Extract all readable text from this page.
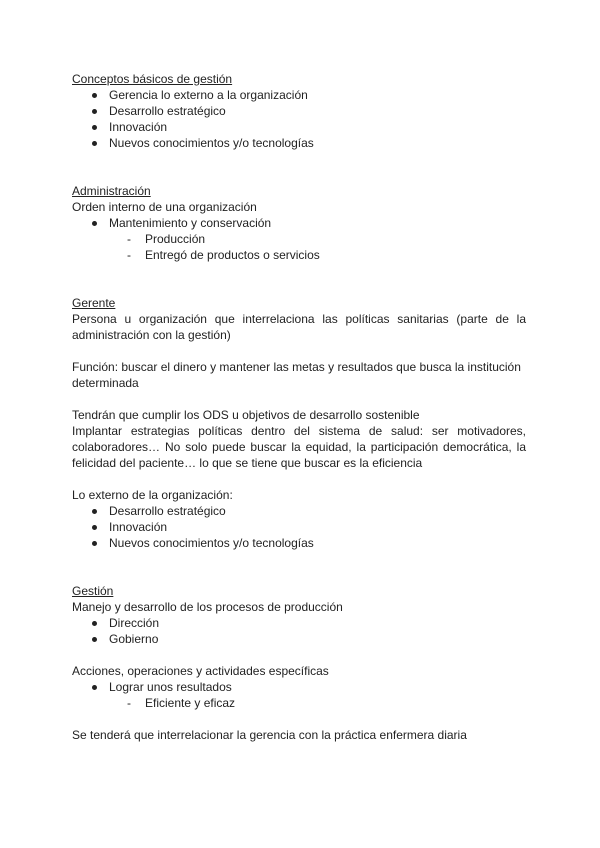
Conceptos básicos de gestión
Gerencia lo externo a la organización
Desarrollo estratégico
Innovación
Nuevos conocimientos y/o tecnologías
Administración
Orden interno de una organización
Mantenimiento y conservación
- Producción
- Entregó de productos o servicios
Gerente
Persona u organización que interrelaciona las políticas sanitarias (parte de la administración con la gestión)
Función: buscar el dinero y mantener las metas y resultados que busca la institución determinada
Tendrán que cumplir los ODS u objetivos de desarrollo sostenible
Implantar estrategias políticas dentro del sistema de salud: ser motivadores, colaboradores… No solo puede buscar la equidad, la participación democrática, la felicidad del paciente… lo que se tiene que buscar es la eficiencia
Lo externo de la organización:
Desarrollo estratégico
Innovación
Nuevos conocimientos y/o tecnologías
Gestión
Manejo y desarrollo de los procesos de producción
Dirección
Gobierno
Acciones, operaciones y actividades específicas
Lograr unos resultados
- Eficiente y eficaz
Se tenderá que interrelacionar la gerencia con la práctica enfermera diaria
